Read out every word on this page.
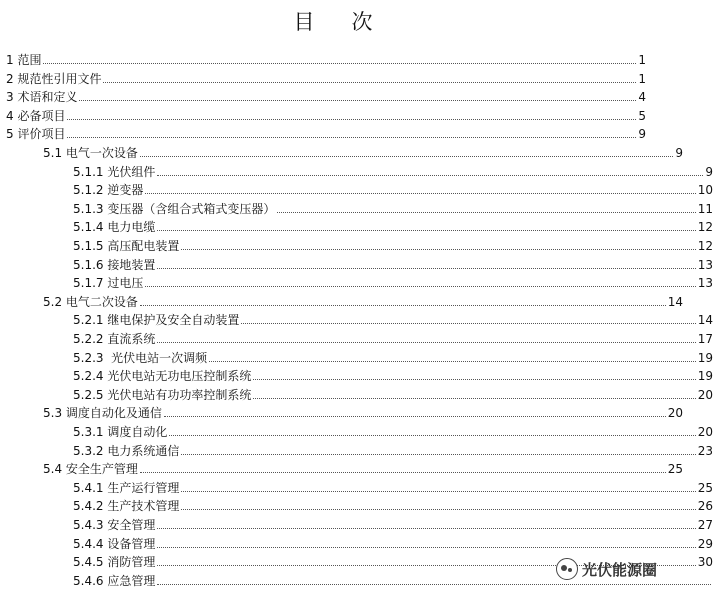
目 次
1 范围	1
2 规范性引用文件	1
3 术语和定义	4
4 必备项目	5
5 评价项目	9
5.1 电气一次设备	9
5.1.1 光伏组件	9
5.1.2 逆变器	10
5.1.3 变压器（含组合式箱式变压器）	11
5.1.4 电力电缆	12
5.1.5 高压配电装置	12
5.1.6 接地装置	13
5.1.7 过电压	13
5.2 电气二次设备	14
5.2.1 继电保护及安全自动装置	14
5.2.2 直流系统	17
5.2.3  光伏电站一次调频	19
5.2.4 光伏电站无功电压控制系统	19
5.2.5 光伏电站有功功率控制系统	20
5.3 调度自动化及通信	20
5.3.1 调度自动化	20
5.3.2 电力系统通信	23
5.4 安全生产管理	25
5.4.1 生产运行管理	25
5.4.2 生产技术管理	26
5.4.3 安全管理	27
5.4.4 设备管理	29
5.4.5 消防管理	30
5.4.6 应急管理
光伏能源圈
